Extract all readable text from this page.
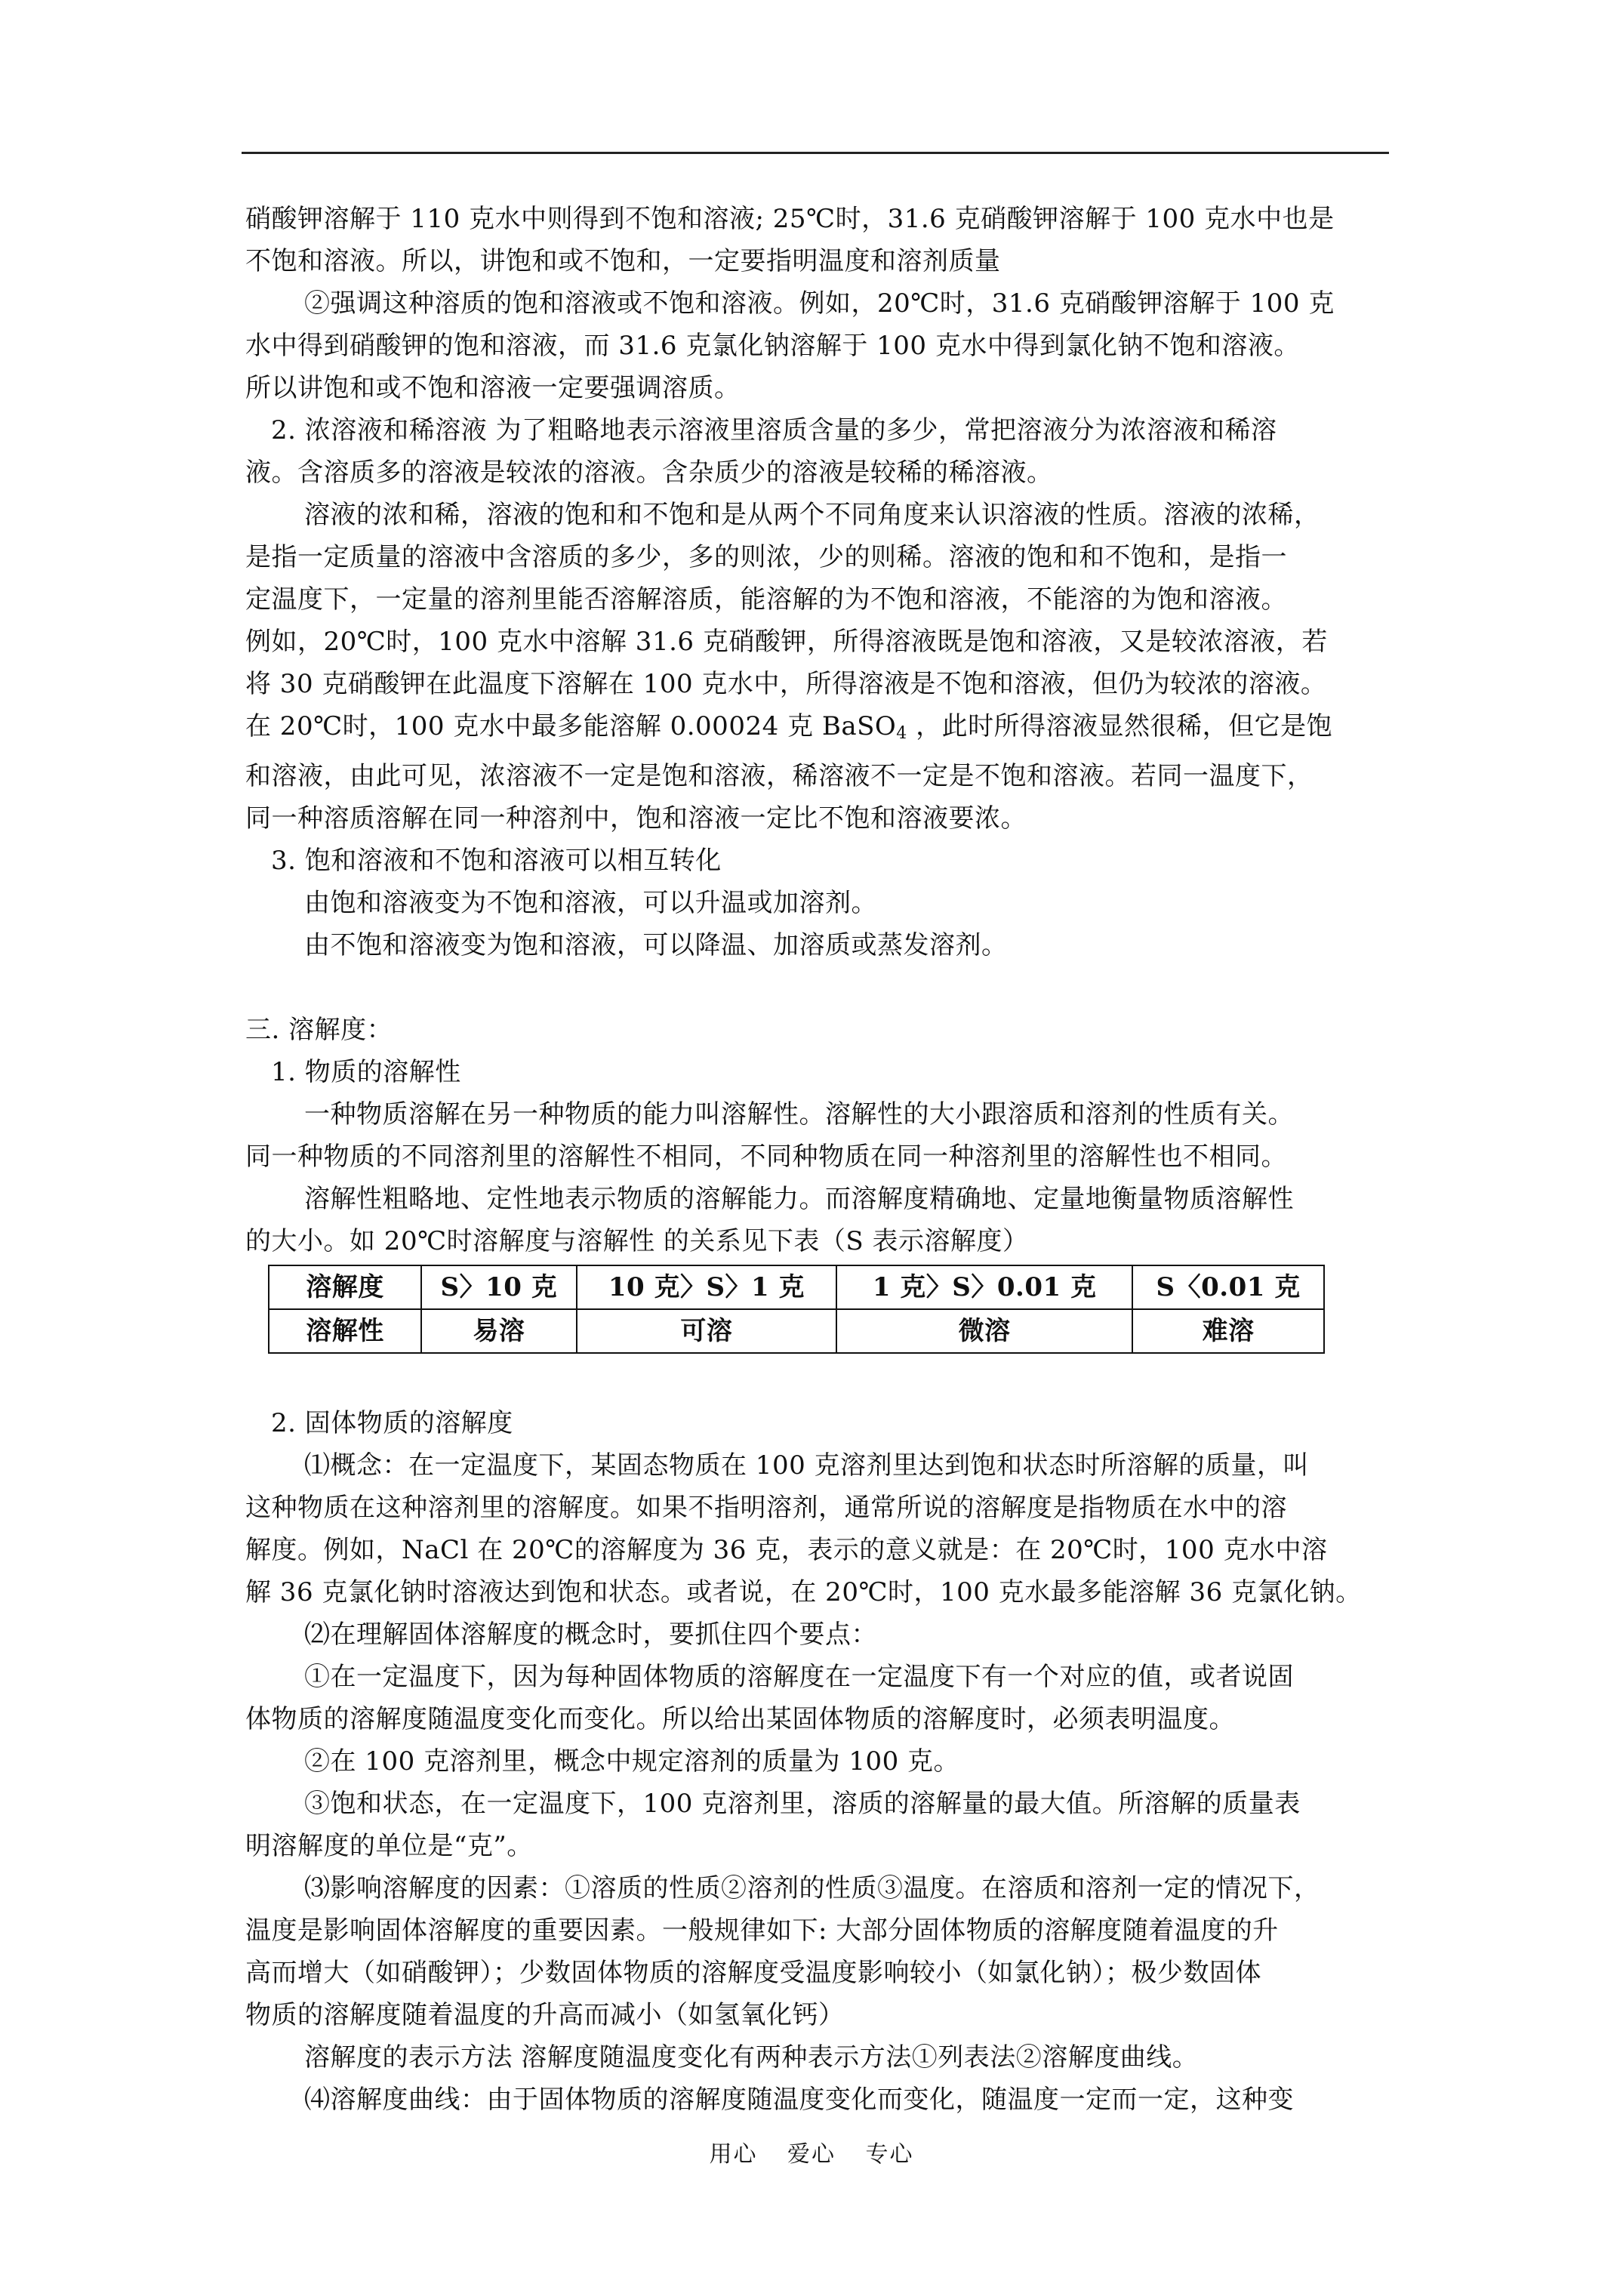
硝酸钾溶解于 110 克水中则得到不饱和溶液; 25℃时，31.6 克硝酸钾溶解于 100 克水中也是

不饱和溶液。所以，讲饱和或不饱和，一定要指明温度和溶剂质量

②强调这种溶质的饱和溶液或不饱和溶液。例如，20℃时，31.6 克硝酸钾溶解于 100 克

水中得到硝酸钾的饱和溶液，而 31.6 克氯化钠溶解于 100 克水中得到氯化钠不饱和溶液。

所以讲饱和或不饱和溶液一定要强调溶质。

2. 浓溶液和稀溶液 为了粗略地表示溶液里溶质含量的多少，常把溶液分为浓溶液和稀溶

液。含溶质多的溶液是较浓的溶液。含杂质少的溶液是较稀的稀溶液。

溶液的浓和稀，溶液的饱和和不饱和是从两个不同角度来认识溶液的性质。溶液的浓稀，

是指一定质量的溶液中含溶质的多少，多的则浓，少的则稀。溶液的饱和和不饱和，是指一

定温度下，一定量的溶剂里能否溶解溶质，能溶解的为不饱和溶液，不能溶的为饱和溶液。

例如，20℃时，100 克水中溶解 31.6 克硝酸钾，所得溶液既是饱和溶液，又是较浓溶液，若

将 30 克硝酸钾在此温度下溶解在 100 克水中，所得溶液是不饱和溶液，但仍为较浓的溶液。

在 20℃时，100 克水中最多能溶解 0.00024 克 BaSO$_4$ ，此时所得溶液显然很稀，但它是饱

和溶液，由此可见，浓溶液不一定是饱和溶液，稀溶液不一定是不饱和溶液。若同一温度下，

同一种溶质溶解在同一种溶剂中，饱和溶液一定比不饱和溶液要浓。

3. 饱和溶液和不饱和溶液可以相互转化

由饱和溶液变为不饱和溶液，可以升温或加溶剂。

由不饱和溶液变为饱和溶液，可以降温、加溶质或蒸发溶剂。

三. 溶解度：

1. 物质的溶解性

一种物质溶解在另一种物质的能力叫溶解性。溶解性的大小跟溶质和溶剂的性质有关。

同一种物质的不同溶剂里的溶解性不相同，不同种物质在同一种溶剂里的溶解性也不相同。

溶解性粗略地、定性地表示物质的溶解能力。而溶解度精确地、定量地衡量物质溶解性

的大小。如 20℃时溶解度与溶解性 的关系见下表（S 表示溶解度）

溶解度	S〉10 克	10 克〉S〉1 克	1 克〉S〉0.01 克	S〈0.01 克
溶解性	易溶	可溶	微溶	难溶

2. 固体物质的溶解度

⑴概念：在一定温度下，某固态物质在 100 克溶剂里达到饱和状态时所溶解的质量，叫

这种物质在这种溶剂里的溶解度。如果不指明溶剂，通常所说的溶解度是指物质在水中的溶

解度。例如，NaCl 在 20℃的溶解度为 36 克，表示的意义就是：在 20℃时，100 克水中溶

解 36 克氯化钠时溶液达到饱和状态。或者说，在 20℃时，100 克水最多能溶解 36 克氯化钠。

⑵在理解固体溶解度的概念时，要抓住四个要点：

①在一定温度下，因为每种固体物质的溶解度在一定温度下有一个对应的值，或者说固

体物质的溶解度随温度变化而变化。所以给出某固体物质的溶解度时，必须表明温度。

②在 100 克溶剂里，概念中规定溶剂的质量为 100 克。

③饱和状态，在一定温度下，100 克溶剂里，溶质的溶解量的最大值。所溶解的质量表

明溶解度的单位是“克”。

⑶影响溶解度的因素：①溶质的性质②溶剂的性质③温度。在溶质和溶剂一定的情况下，

温度是影响固体溶解度的重要因素。一般规律如下: 大部分固体物质的溶解度随着温度的升

高而增大（如硝酸钾）；少数固体物质的溶解度受温度影响较小（如氯化钠）；极少数固体

物质的溶解度随着温度的升高而减小（如氢氧化钙）

溶解度的表示方法 溶解度随温度变化有两种表示方法①列表法②溶解度曲线。

⑷溶解度曲线：由于固体物质的溶解度随温度变化而变化，随温度一定而一定，这种变

用心 爱心 专心
